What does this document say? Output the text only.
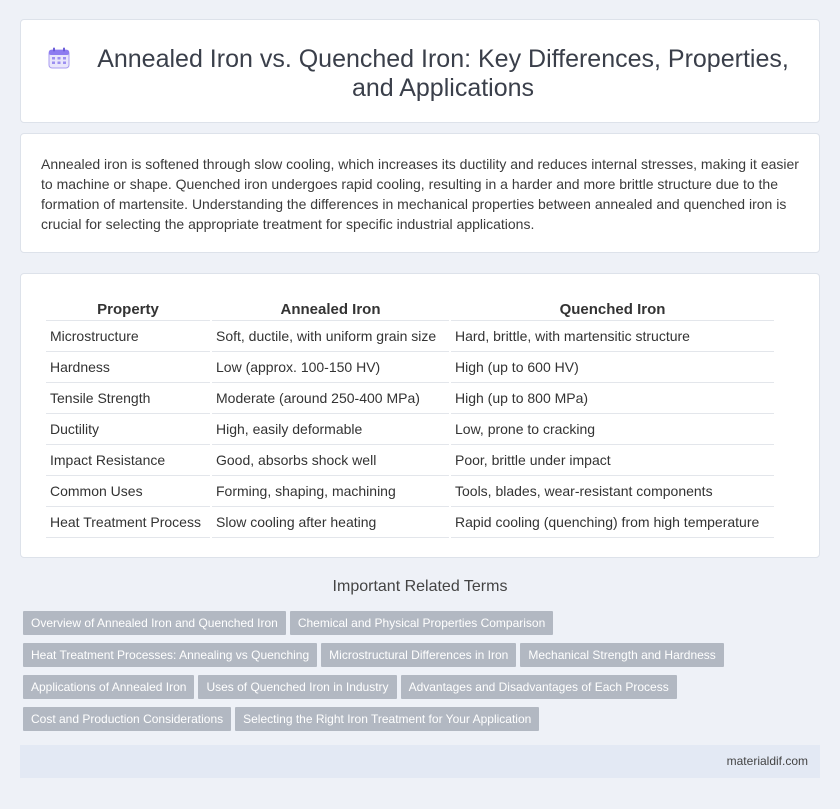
Annealed Iron vs. Quenched Iron: Key Differences, Properties, and Applications

Annealed iron is softened through slow cooling, which increases its ductility and reduces internal stresses, making it easier to machine or shape. Quenched iron undergoes rapid cooling, resulting in a harder and more brittle structure due to the formation of martensite. Understanding the differences in mechanical properties between annealed and quenched iron is crucial for selecting the appropriate treatment for specific industrial applications.

Property	Annealed Iron	Quenched Iron
Microstructure	Soft, ductile, with uniform grain size	Hard, brittle, with martensitic structure
Hardness	Low (approx. 100-150 HV)	High (up to 600 HV)
Tensile Strength	Moderate (around 250-400 MPa)	High (up to 800 MPa)
Ductility	High, easily deformable	Low, prone to cracking
Impact Resistance	Good, absorbs shock well	Poor, brittle under impact
Common Uses	Forming, shaping, machining	Tools, blades, wear-resistant components
Heat Treatment Process	Slow cooling after heating	Rapid cooling (quenching) from high temperature
Important Related Terms
Overview of Annealed Iron and Quenched Iron Chemical and Physical Properties Comparison
Heat Treatment Processes: Annealing vs Quenching Microstructural Differences in Iron Mechanical Strength and Hardness
Applications of Annealed Iron Uses of Quenched Iron in Industry Advantages and Disadvantages of Each Process
Cost and Production Considerations Selecting the Right Iron Treatment for Your Application
materialdif.com
